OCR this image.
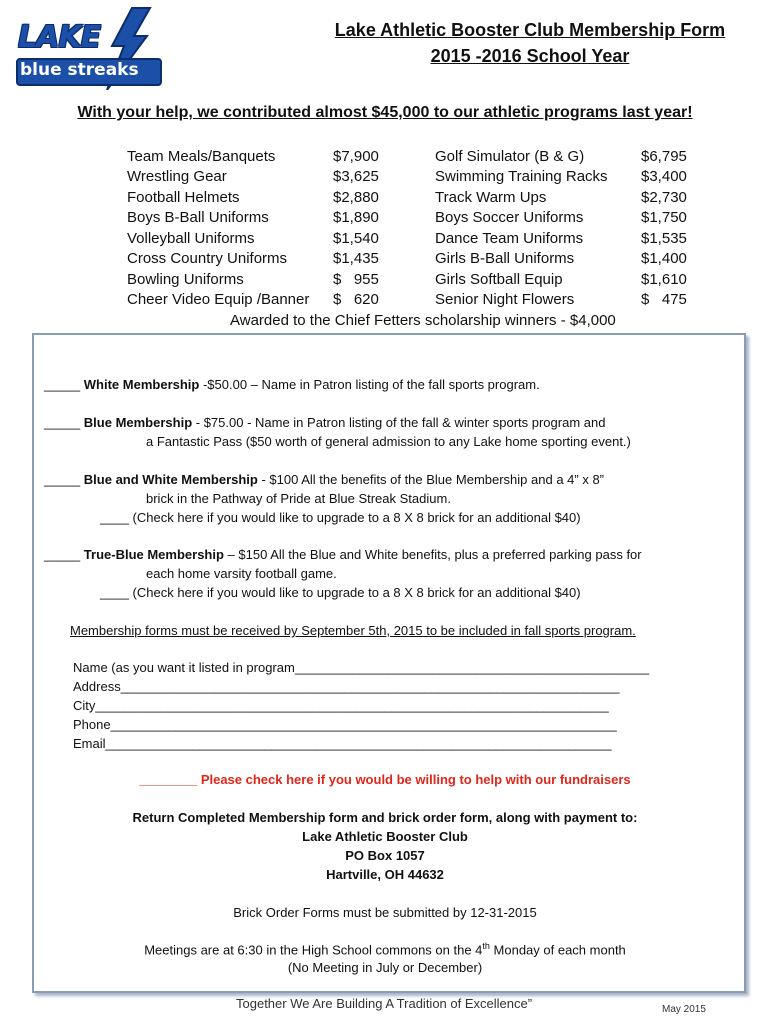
LAKE
blue streaks
Lake Athletic Booster Club Membership Form
2015 -2016 School Year
With your help, we contributed almost $45,000 to our athletic programs last year!
Team Meals/Banquets	$7,900	Golf Simulator (B & G)	$6,795
Wrestling Gear	$3,625	Swimming Training Racks $3,400
Football Helmets	$2,880	Track Warm Ups	$2,730
Boys B-Ball Uniforms	$1,890	Boys Soccer Uniforms	$1,750
Volleyball Uniforms	$1,540	Dance Team Uniforms	$1,535
Cross Country Uniforms	$1,435	Girls B-Ball Uniforms	$1,400
Bowling Uniforms	$   955	Girls Softball Equip	$1,610
Cheer Video Equip /Banner $   620	Senior Night Flowers	$   475
Awarded to the Chief Fetters scholarship winners - $4,000
_____ White Membership -$50.00 – Name in Patron listing of the fall sports program.
_____ Blue Membership - $75.00 - Name in Patron listing of the fall & winter sports program and
a Fantastic Pass ($50 worth of general admission to any Lake home sporting event.)
_____ Blue and White Membership - $100 All the benefits of the Blue Membership and a 4” x 8”
brick in the Pathway of Pride at Blue Streak Stadium.
____ (Check here if you would like to upgrade to a 8 X 8 brick for an additional $40)
_____ True-Blue Membership – $150 All the Blue and White benefits, plus a preferred parking pass for
each home varsity football game.
____ (Check here if you would like to upgrade to a 8 X 8 brick for an additional $40)
Membership forms must be received by September 5th, 2015 to be included in fall sports program.
Name (as you want it listed in program_________________________________________________
Address_____________________________________________________________________
City_______________________________________________________________________
Phone______________________________________________________________________
Email______________________________________________________________________
________ Please check here if you would be willing to help with our fundraisers
Return Completed Membership form and brick order form, along with payment to:
Lake Athletic Booster Club
PO Box 1057
Hartville, OH 44632
Brick Order Forms must be submitted by 12-31-2015
Meetings are at 6:30 in the High School commons on the 4th Monday of each month
(No Meeting in July or December)
Together We Are Building A Tradition of Excellence”	May 2015
